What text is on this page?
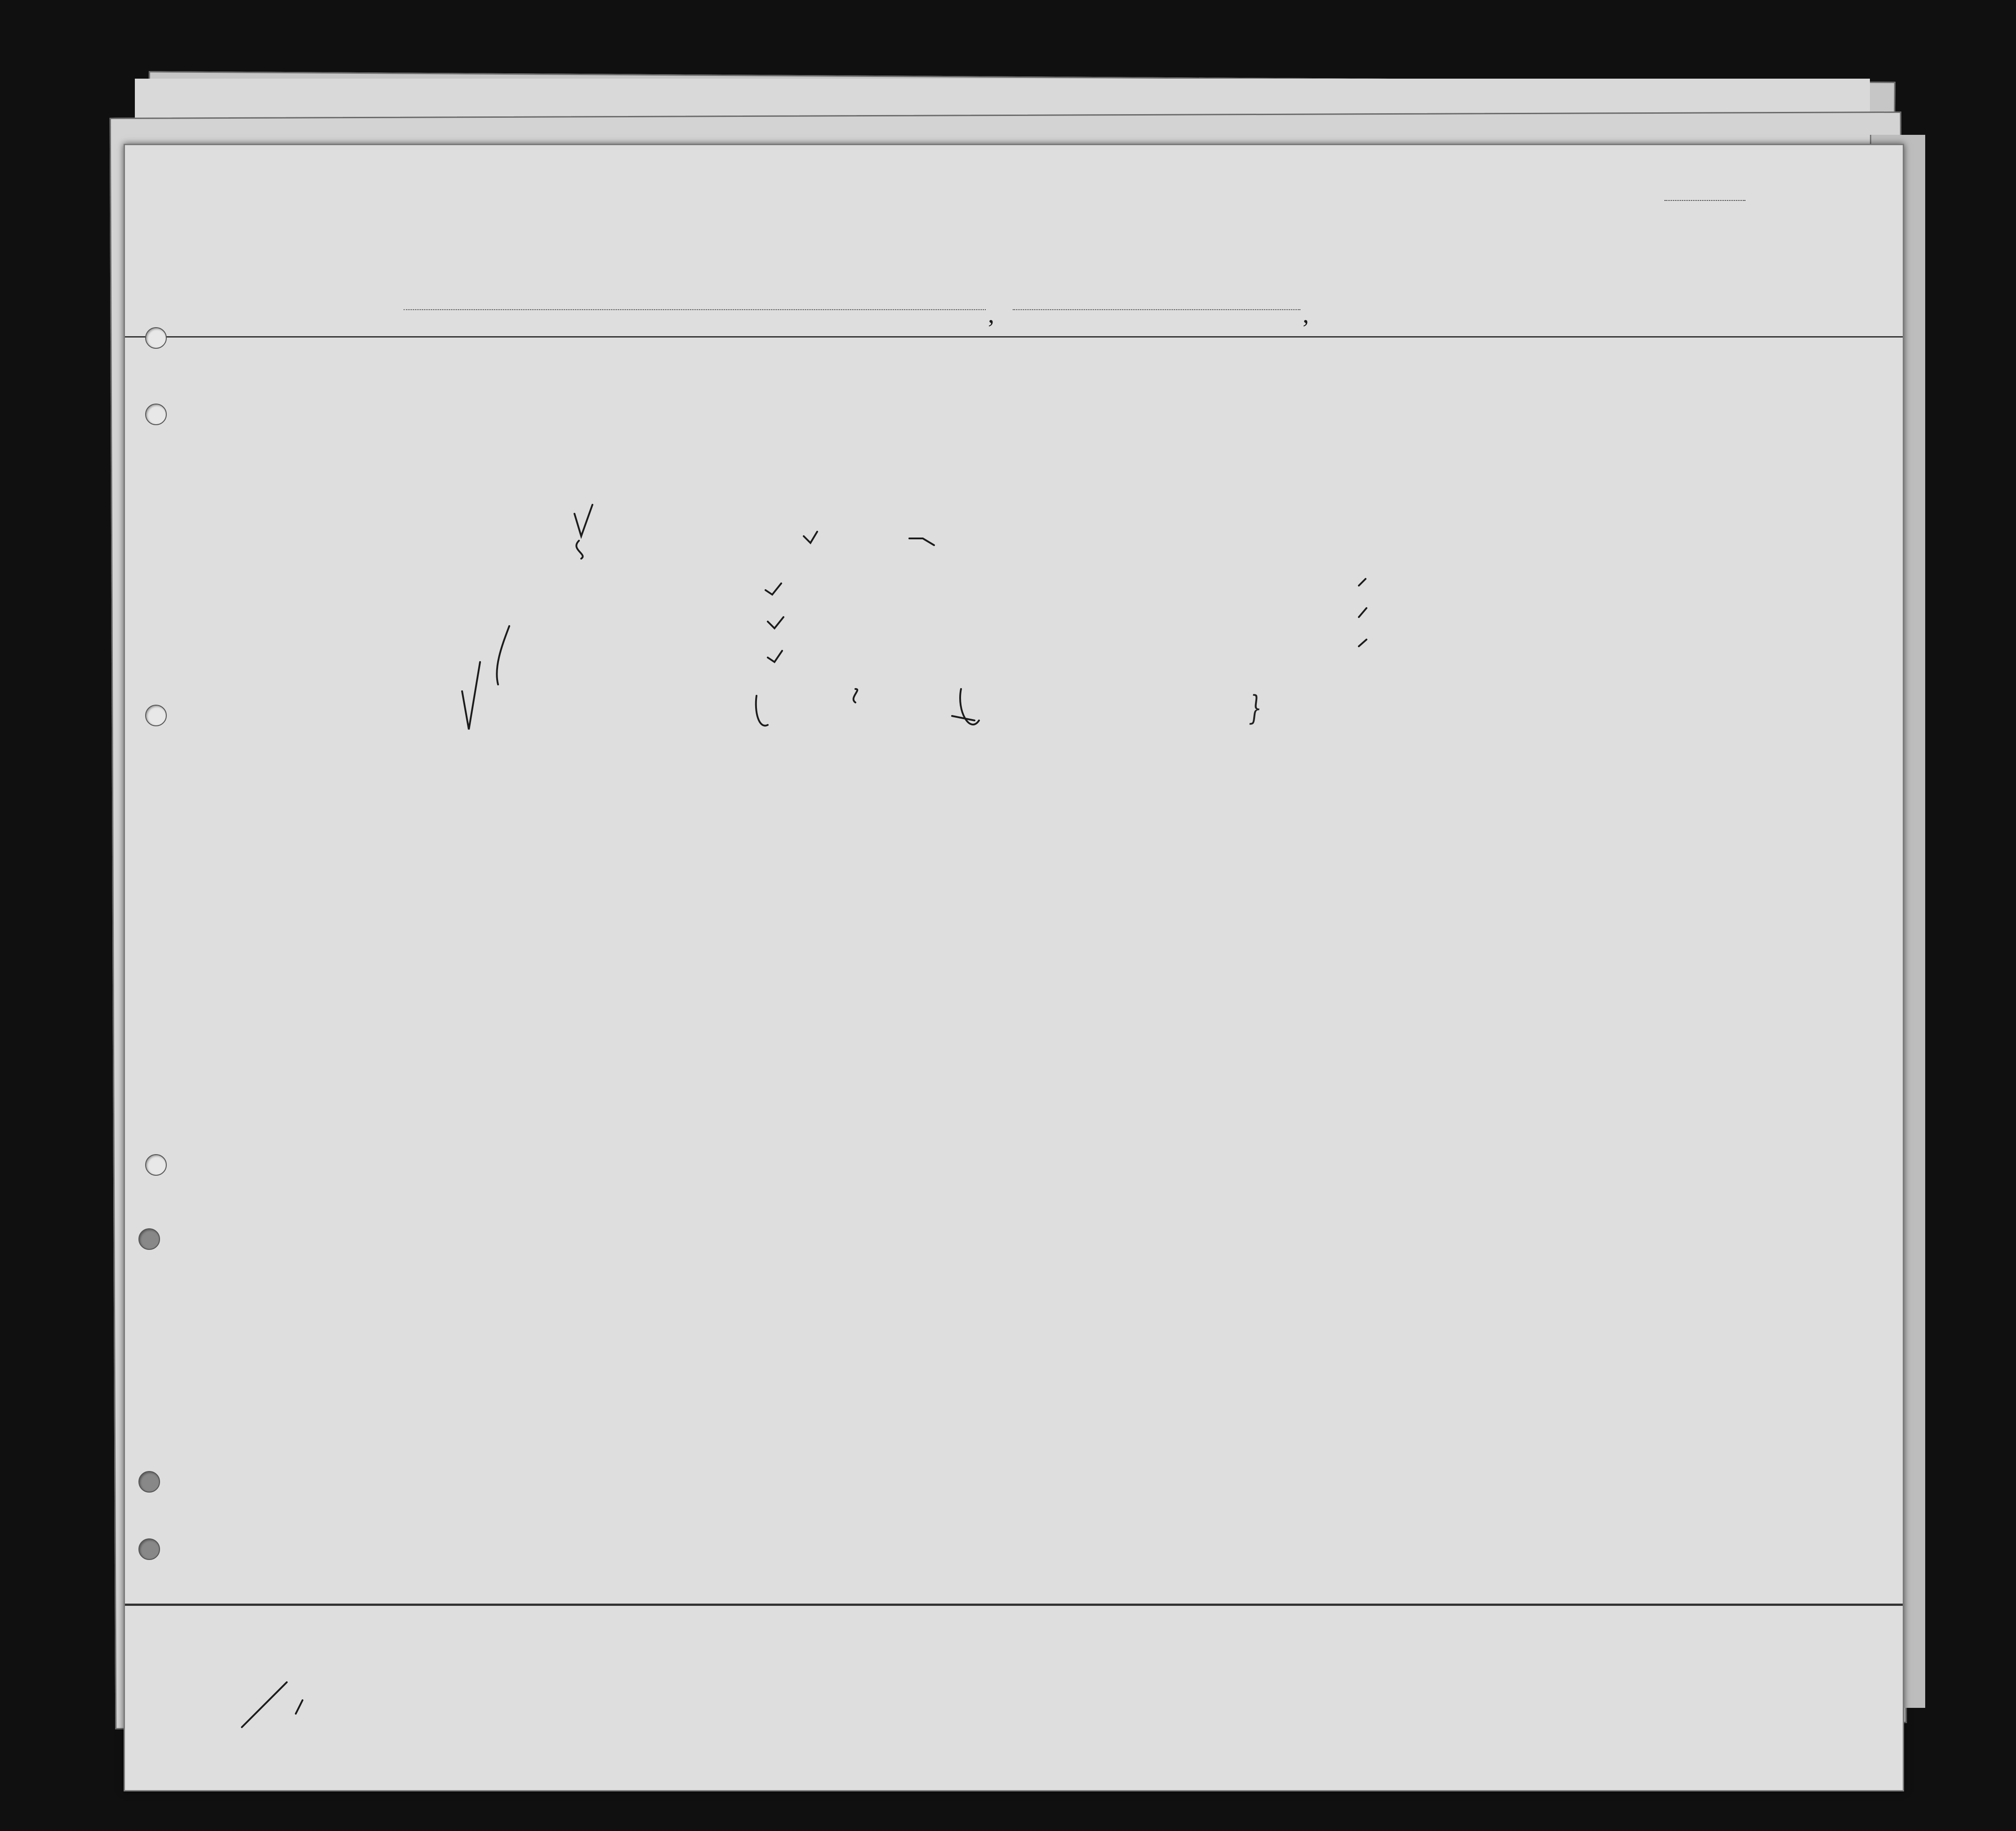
,	,
}
